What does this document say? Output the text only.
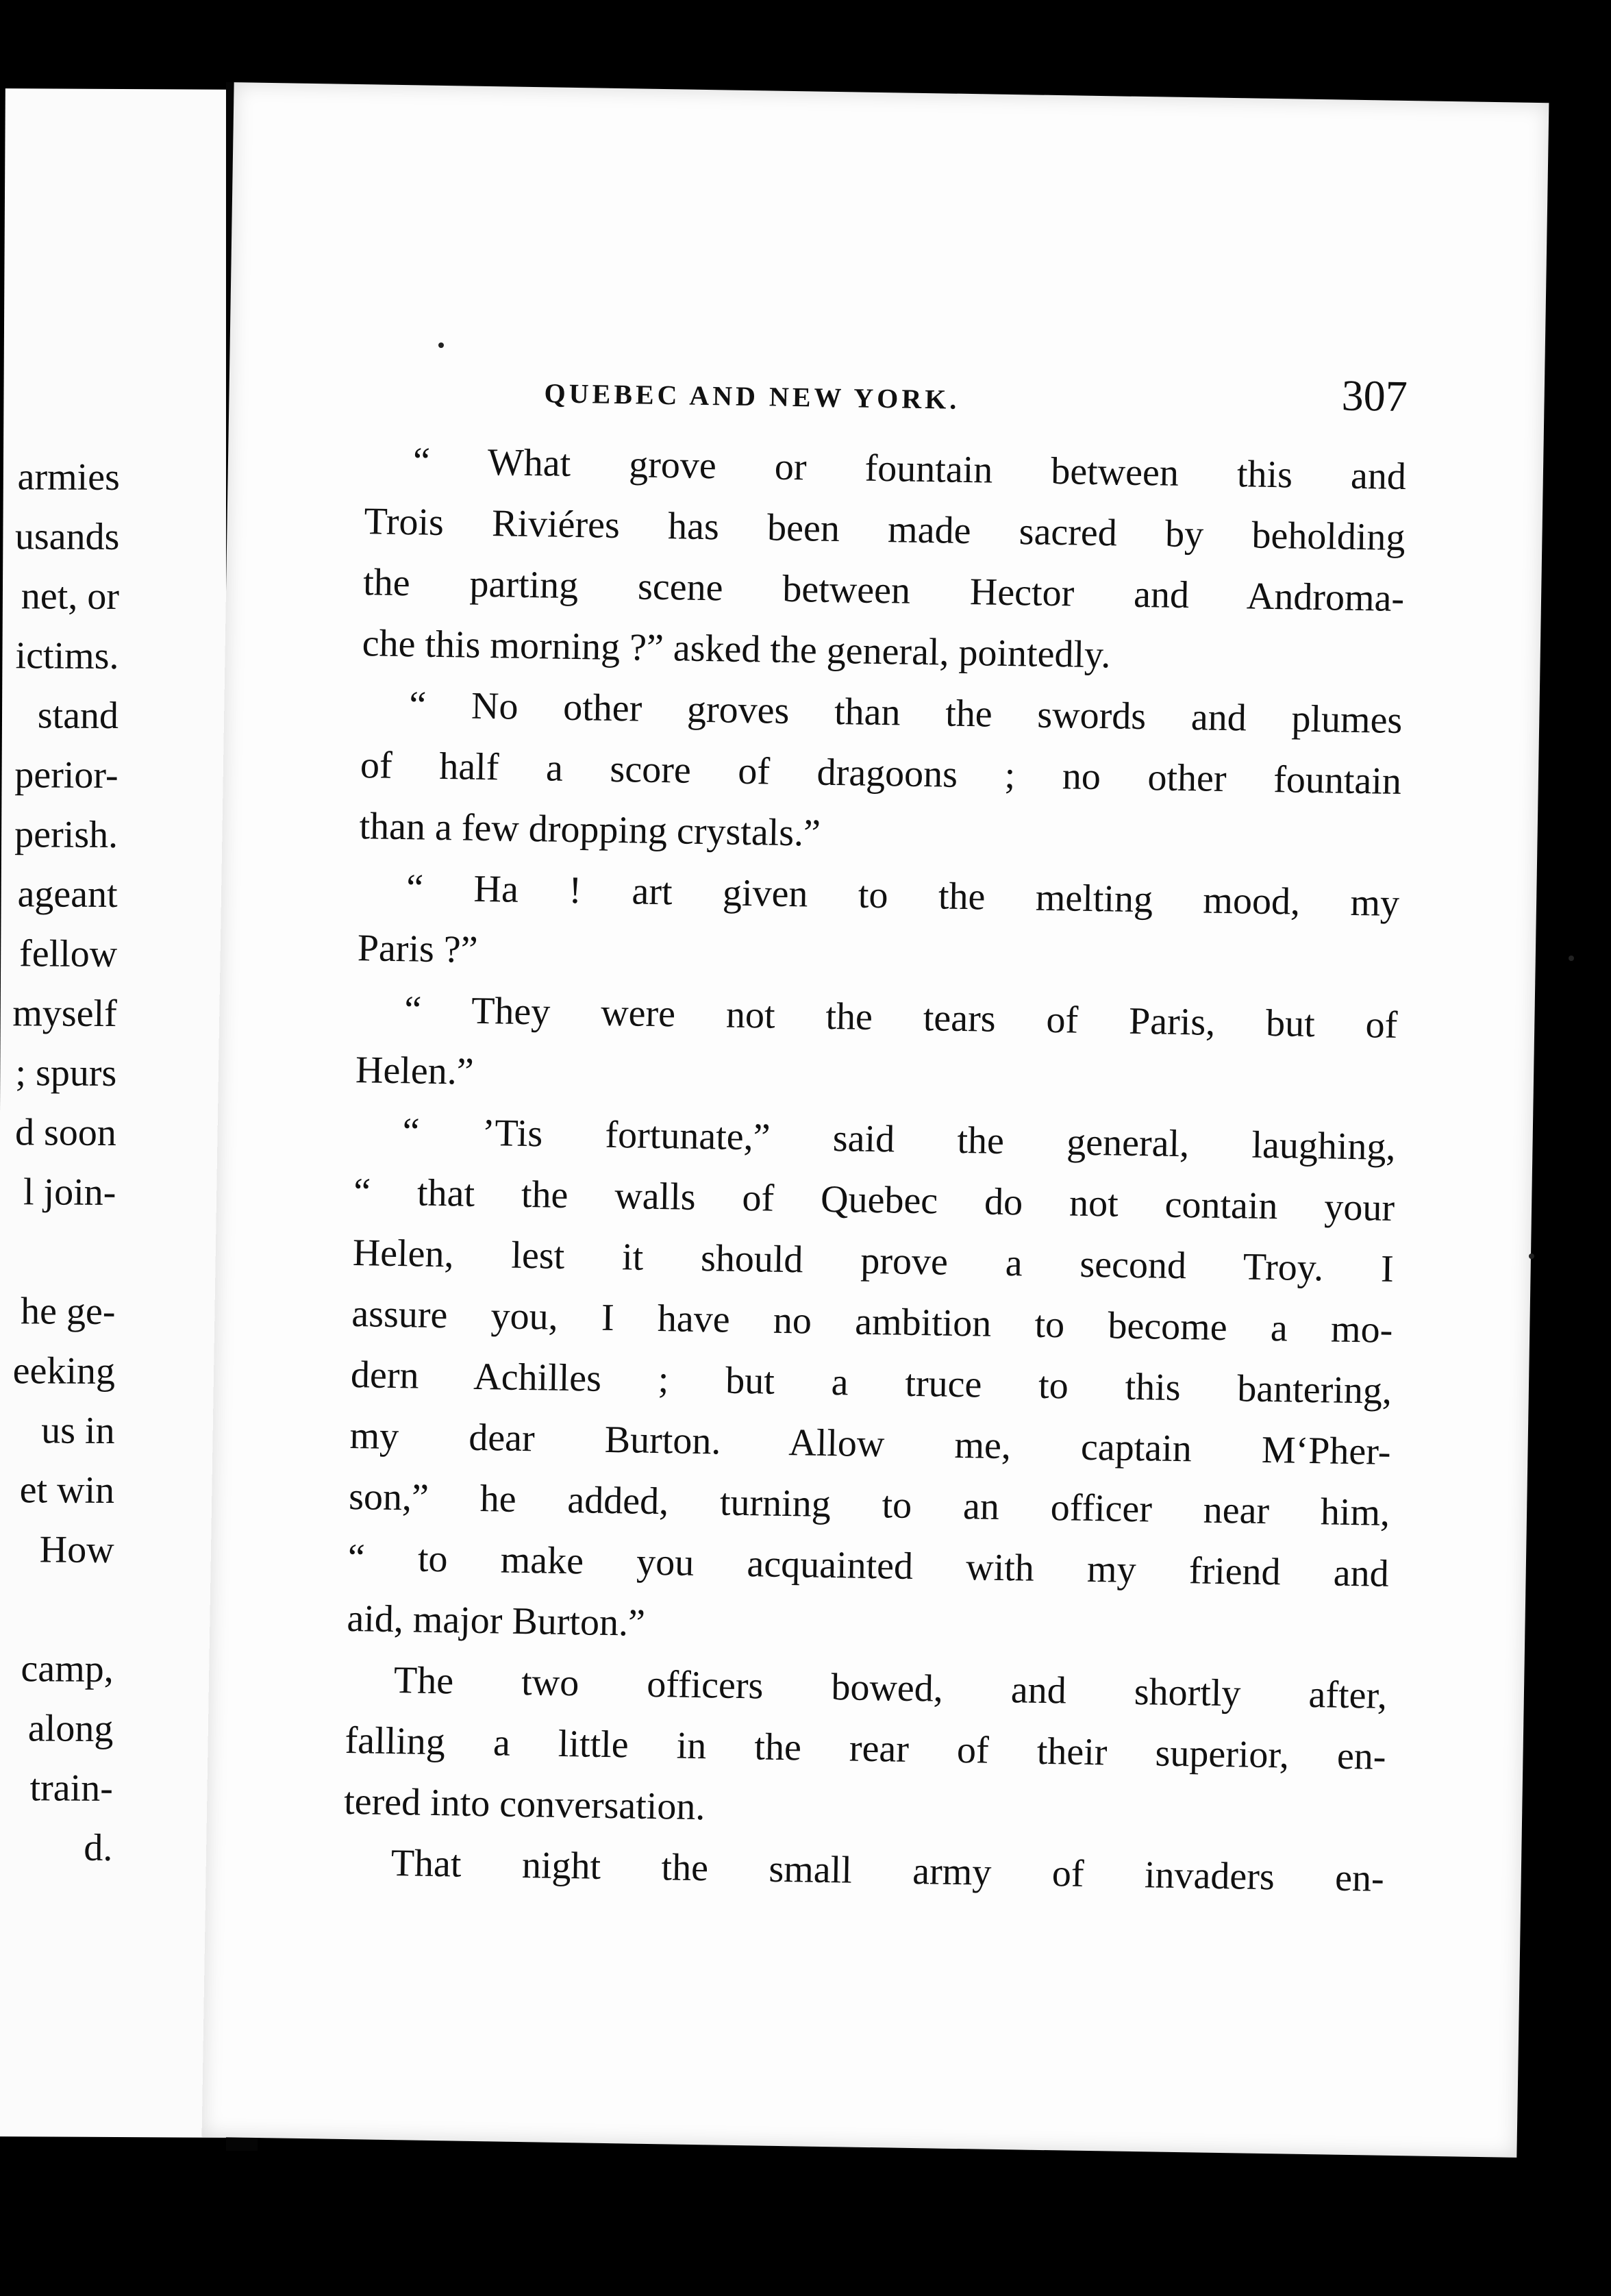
armies
usands
net, or
ictims.
stand
perior-
perish.
ageant
fellow
myself
; spurs
d soon
l join-
he ge-
eeking
us in
et win
How
camp,
along
train-
d.
QUEBEC AND NEW YORK.	307
“ What grove or fountain between this and
Trois Riviéres has been made sacred by beholding
the parting scene between Hector and Androma-
che this morning ?” asked the general, pointedly.
“ No other groves than the swords and plumes
of half a score of dragoons ; no other fountain
than a few dropping crystals.”
“ Ha ! art given to the melting mood, my
Paris ?”
“ They were not the tears of Paris, but of
Helen.”
“ ’Tis fortunate,” said the general, laughing,
“ that the walls of Quebec do not contain your
Helen, lest it should prove a second Troy. I
assure you, I have no ambition to become a mo-
dern Achilles ; but a truce to this bantering,
my dear Burton. Allow me, captain M‘Pher-
son,” he added, turning to an officer near him,
“ to make you acquainted with my friend and
aid, major Burton.”
The two officers bowed, and shortly after,
falling a little in the rear of their superior, en-
tered into conversation.
That night the small army of invaders en-
